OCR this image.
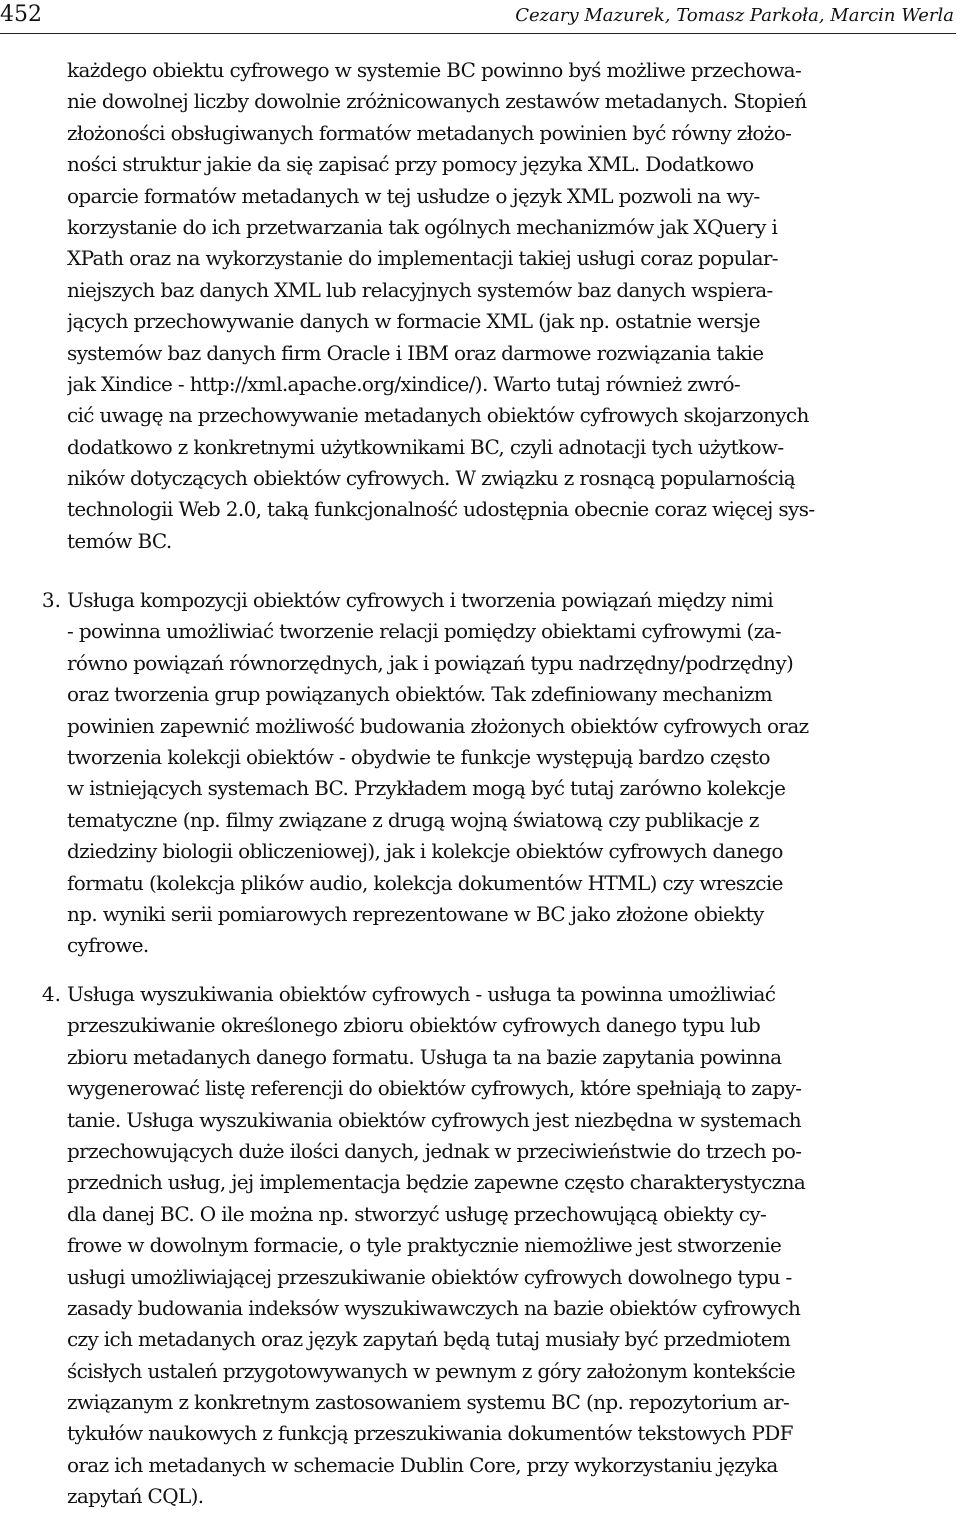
452	Cezary Mazurek, Tomasz Parkoła, Marcin Werla
każdego obiektu cyfrowego w systemie BC powinno byś możliwe przechowa-
nie dowolnej liczby dowolnie zróżnicowanych zestawów metadanych. Stopień
złożoności obsługiwanych formatów metadanych powinien być równy złożo-
ności struktur jakie da się zapisać przy pomocy języka XML. Dodatkowo
oparcie formatów metadanych w tej usłudze o język XML pozwoli na wy-
korzystanie do ich przetwarzania tak ogólnych mechanizmów jak XQuery i
XPath oraz na wykorzystanie do implementacji takiej usługi coraz popular-
niejszych baz danych XML lub relacyjnych systemów baz danych wspiera-
jących przechowywanie danych w formacie XML (jak np. ostatnie wersje
systemów baz danych firm Oracle i IBM oraz darmowe rozwiązania takie
jak Xindice - http://xml.apache.org/xindice/). Warto tutaj również zwró-
cić uwagę na przechowywanie metadanych obiektów cyfrowych skojarzonych
dodatkowo z konkretnymi użytkownikami BC, czyli adnotacji tych użytkow-
ników dotyczących obiektów cyfrowych. W związku z rosnącą popularnością
technologii Web 2.0, taką funkcjonalność udostępnia obecnie coraz więcej sys-
temów BC.
3. Usługa kompozycji obiektów cyfrowych i tworzenia powiązań między nimi
- powinna umożliwiać tworzenie relacji pomiędzy obiektami cyfrowymi (za-
równo powiązań równorzędnych, jak i powiązań typu nadrzędny/podrzędny)
oraz tworzenia grup powiązanych obiektów. Tak zdefiniowany mechanizm
powinien zapewnić możliwość budowania złożonych obiektów cyfrowych oraz
tworzenia kolekcji obiektów - obydwie te funkcje występują bardzo często
w istniejących systemach BC. Przykładem mogą być tutaj zarówno kolekcje
tematyczne (np. filmy związane z drugą wojną światową czy publikacje z
dziedziny biologii obliczeniowej), jak i kolekcje obiektów cyfrowych danego
formatu (kolekcja plików audio, kolekcja dokumentów HTML) czy wreszcie
np. wyniki serii pomiarowych reprezentowane w BC jako złożone obiekty
cyfrowe.
4. Usługa wyszukiwania obiektów cyfrowych - usługa ta powinna umożliwiać
przeszukiwanie określonego zbioru obiektów cyfrowych danego typu lub
zbioru metadanych danego formatu. Usługa ta na bazie zapytania powinna
wygenerować listę referencji do obiektów cyfrowych, które spełniają to zapy-
tanie. Usługa wyszukiwania obiektów cyfrowych jest niezbędna w systemach
przechowujących duże ilości danych, jednak w przeciwieństwie do trzech po-
przednich usług, jej implementacja będzie zapewne często charakterystyczna
dla danej BC. O ile można np. stworzyć usługę przechowującą obiekty cy-
frowe w dowolnym formacie, o tyle praktycznie niemożliwe jest stworzenie
usługi umożliwiającej przeszukiwanie obiektów cyfrowych dowolnego typu -
zasady budowania indeksów wyszukiwawczych na bazie obiektów cyfrowych
czy ich metadanych oraz język zapytań będą tutaj musiały być przedmiotem
ścisłych ustaleń przygotowywanych w pewnym z góry założonym kontekście
związanym z konkretnym zastosowaniem systemu BC (np. repozytorium ar-
tykułów naukowych z funkcją przeszukiwania dokumentów tekstowych PDF
oraz ich metadanych w schemacie Dublin Core, przy wykorzystaniu języka
zapytań CQL).
